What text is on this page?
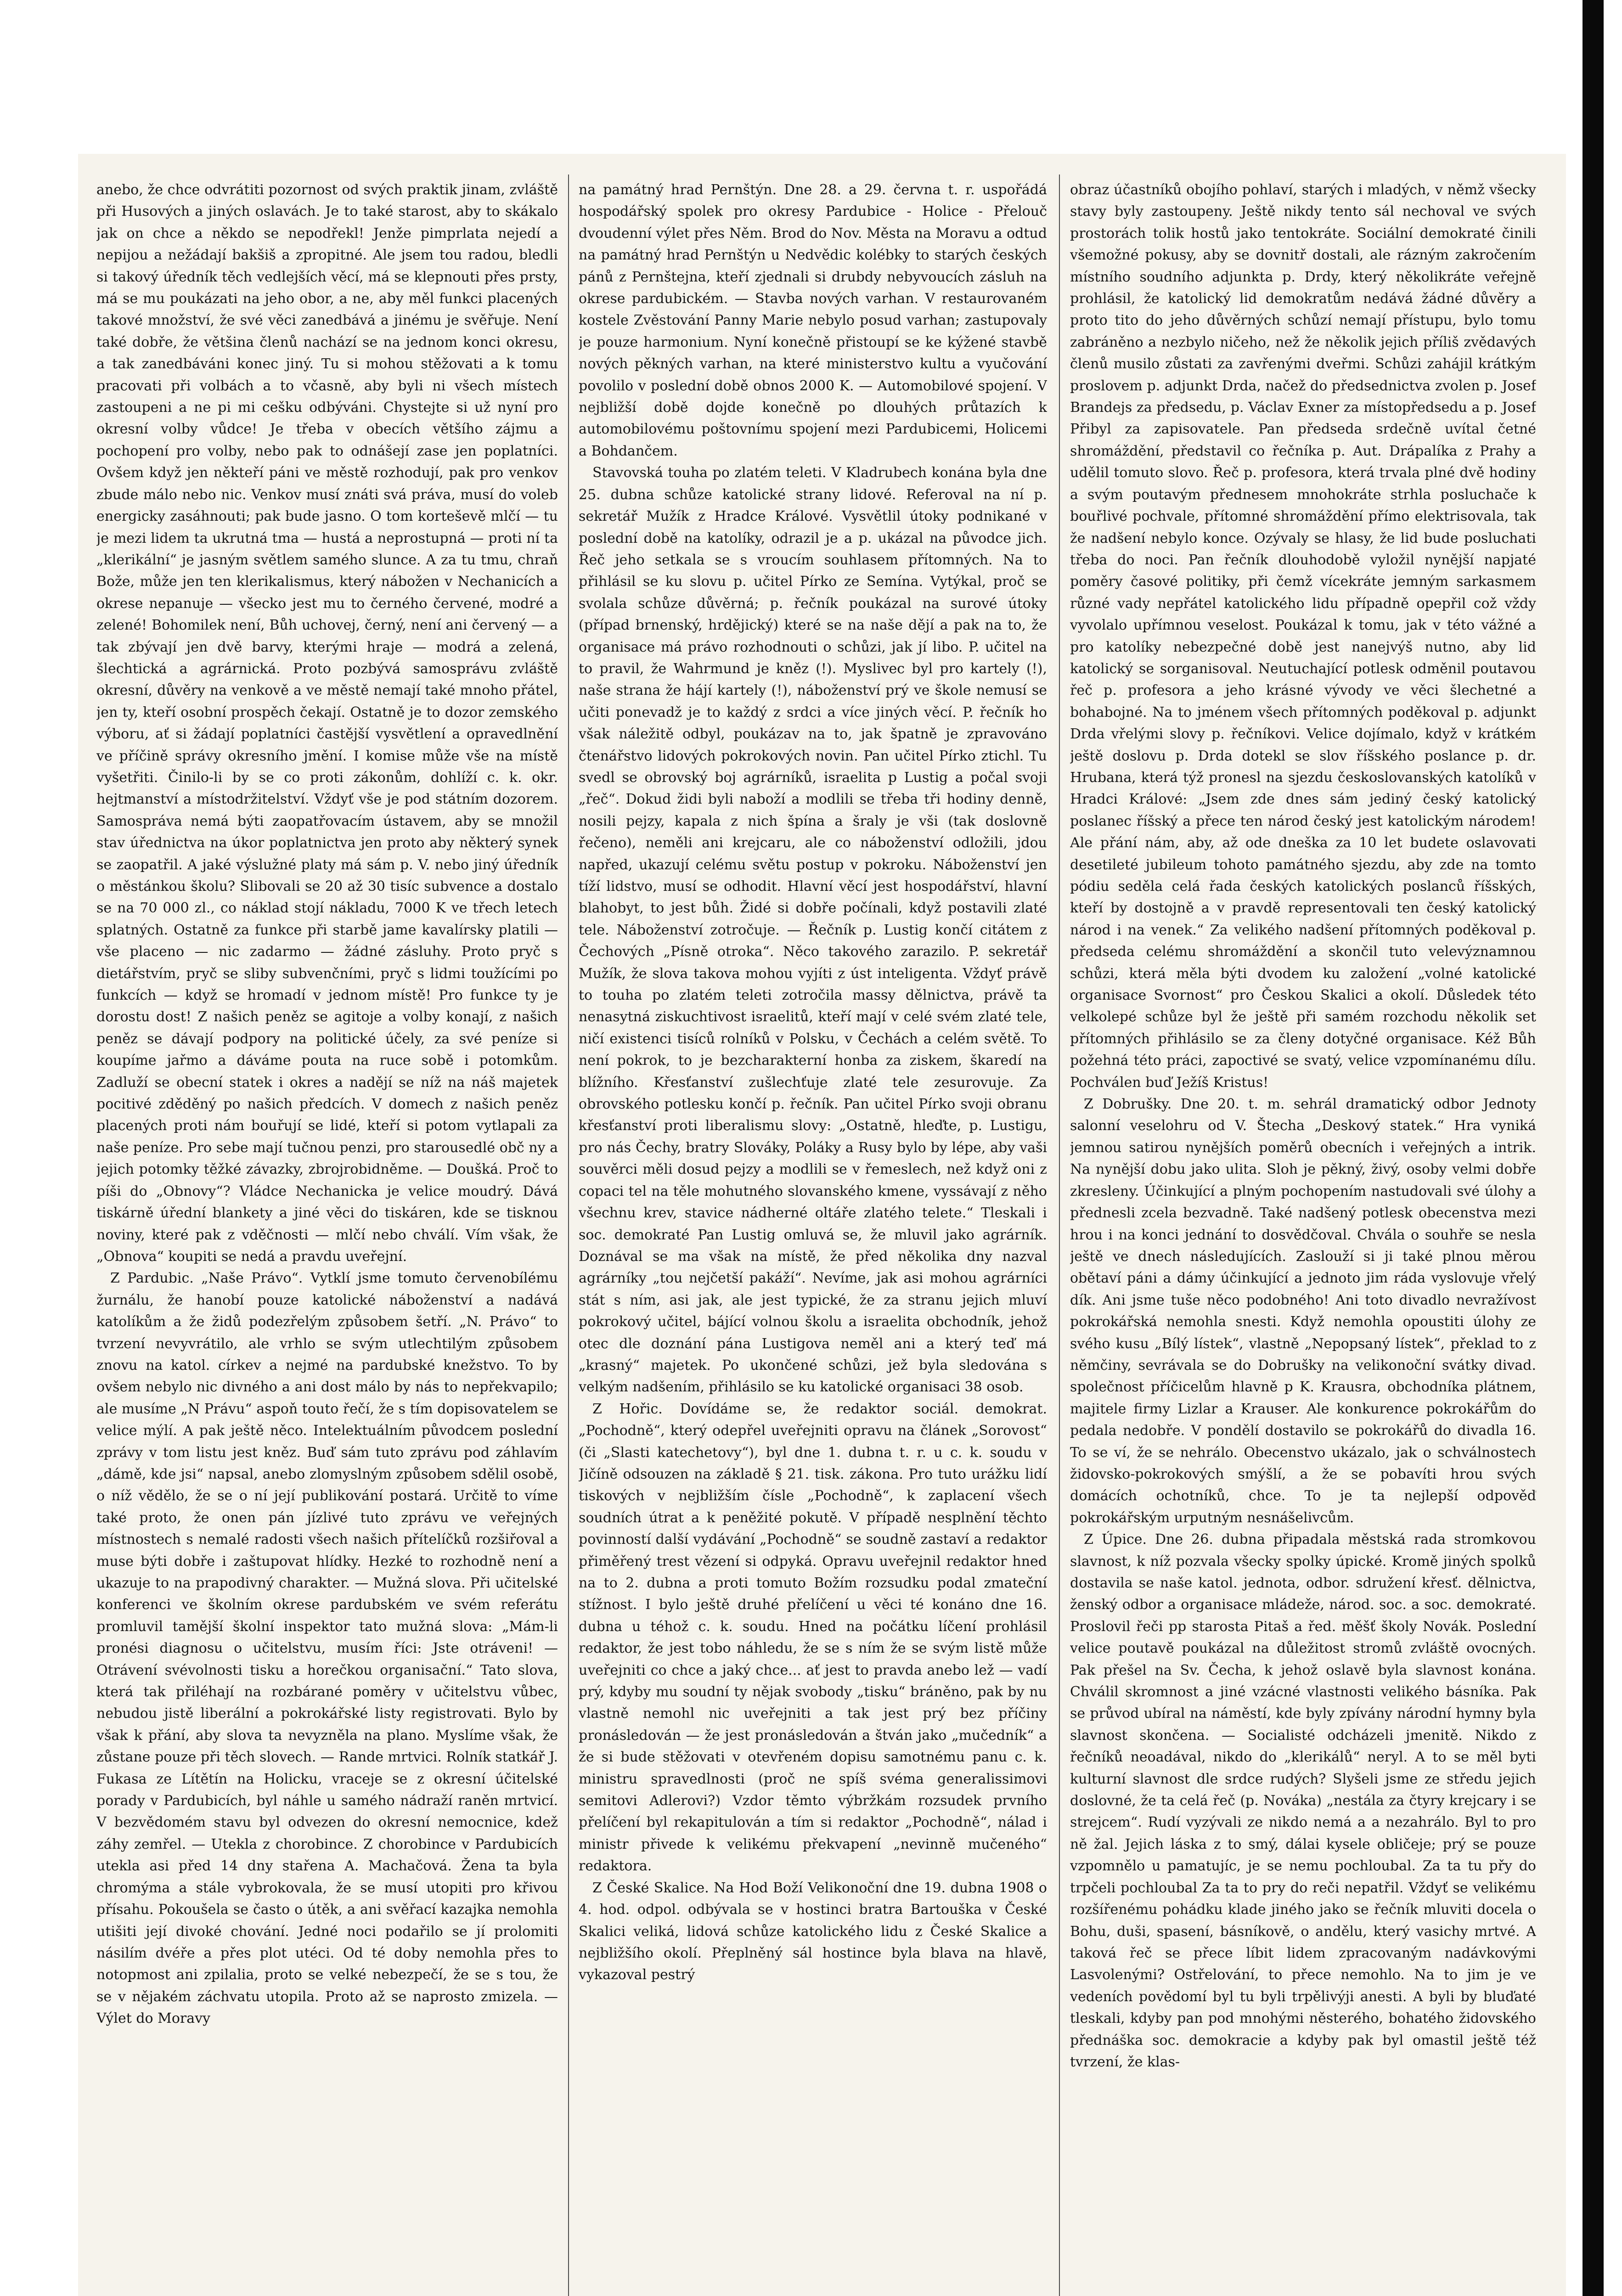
anebo, že chce odvrátiti pozornost od svých praktik jinam, zvláště při Husových a jiných oslavách. Je to také starost, aby to skákalo jak on chce a někdo se nepodřekl! Jenže pimprlata nejedí a nepijou a nežádají bakšiš a zpropitné. Ale jsem tou radou, bledli si takový úředník těch vedlejších věcí, má se klepnouti přes prsty, má se mu poukázati na jeho obor, a ne, aby měl funkci placených takové množství, že své věci zanedbává a jinému je svěřuje. Není také dobře, že většina členů nachází se na jednom konci okresu, a tak zanedbáváni konec jiný. Tu si mohou stěžovati a k tomu pracovati při volbách a to včasně, aby byli ni všech místech zastoupeni a ne pi mi cešku odbýváni. Chystejte si už nyní pro okresní volby vůdce! Je třeba v obecích většího zájmu a pochopení pro volby, nebo pak to odnášejí zase jen poplatníci. Ovšem když jen někteří páni ve městě rozhodují, pak pro venkov zbude málo nebo nic. Venkov musí znáti svá práva, musí do voleb energicky zasáhnouti; pak bude jasno. O tom korteševě mlčí — tu je mezi lidem ta ukrutná tma — hustá a neprostupná — proti ní ta „klerikální“ je jasným světlem samého slunce. A za tu tmu, chraň Bože, může jen ten klerikalismus, který nábožen v Nechanicích a okrese nepanuje — všecko jest mu to černého červené, modré a zelené! Bohomilek není, Bůh uchovej, černý, není ani červený — a tak zbývají jen dvě barvy, kterými hraje — modrá a zelená, šlechtická a agrárnická. Proto pozbývá samosprávu zvláště okresní, důvěry na venkově a ve městě nemají také mnoho přátel, jen ty, kteří osobní prospěch čekají. Ostatně je to dozor zemského výboru, ať si žádají poplatníci častější vysvětlení a opravedlnění ve příčině správy okresního jmění. I komise může vše na místě vyšetřiti. Činilo-li by se co proti zákonům, dohlíží c. k. okr. hejtmanství a místodržitelství. Vždyť vše je pod státním dozorem. Samospráva nemá býti zaopatřovacím ústavem, aby se množil stav úřednictva na úkor poplatnictva jen proto aby některý synek se zaopatřil. A jaké výslužné platy má sám p. V. nebo jiný úředník o městánkou školu? Slibovali se 20 až 30 tisíc subvence a dostalo se na 70 000 zl., co náklad stojí nákladu, 7000 K ve třech letech splatných. Ostatně za funkce při starbě jame kavalírsky platili — vše placeno — nic zadarmo — žádné zásluhy. Proto pryč s dietářstvím, pryč se sliby subvenčními, pryč s lidmi toužícími po funkcích — když se hromadí v jednom místě! Pro funkce ty je dorostu dost! Z našich peněz se agitoje a volby konají, z našich peněz se dávají podpory na politické účely, za své peníze si koupíme jařmo a dáváme pouta na ruce sobě i potomkům. Zadluží se obecní statek i okres a nadějí se níž na náš majetek pocitivé zděděný po našich předcích. V domech z našich peněz placených proti nám bouřují se lidé, kteří si potom vytlapali za naše peníze. Pro sebe mají tučnou penzi, pro starousedlé obč ny a jejich potomky těžké závazky, zbrojrobidněme. — Doušká. Proč to píši do „Obnovy“? Vládce Nechanicka je velice moudrý. Dává tiskárně úřední blankety a jiné věci do tiskáren, kde se tisknou noviny, které pak z vděčnosti — mlčí nebo chválí. Vím však, že „Obnova“ koupiti se nedá a pravdu uveřejní.

Z Pardubic. „Naše Právo“. Vytklí jsme tomuto červenobílému žurnálu, že hanobí pouze katolické náboženství a nadává katolíkům a že židů podezřelým způsobem šetří. „N. Právo“ to tvrzení nevyvrátilo, ale vrhlo se svým utlechtilým způsobem znovu na katol. církev a nejmé na pardubské knežstvo. To by ovšem nebylo nic divného a ani dost málo by nás to nepřekvapilo; ale musíme „N Právu“ aspoň touto řečí, že s tím dopisovatelem se velice mýlí. A pak ještě něco. Intelektuálním původcem poslední zprávy v tom listu jest kněz. Buď sám tuto zprávu pod záhlavím „dámě, kde jsi“ napsal, anebo zlomyslným způsobem sdělil osobě, o níž vědělo, že se o ní její publikování postará. Určitě to víme také proto, že onen pán jízlivé tuto zprávu ve veřejných místnostech s nemalé radosti všech našich přítelíčků rozšiřoval a muse býti dobře i zaštupovat hlídky. Hezké to rozhodně není a ukazuje to na prapodivný charakter. — Mužná slova. Při učitelské konferenci ve školním okrese pardubském ve svém referátu promluvil tamější školní inspektor tato mužná slova: „Mám-li pronési diagnosu o učitelstvu, musím říci: Jste otráveni! — Otrávení svévolnosti tisku a horečkou organisační.“ Tato slova, která tak přiléhají na rozbárané poměry v učitelstvu vůbec, nebudou jistě liberální a pokrokářské listy registrovati. Bylo by však k přání, aby slova ta nevyzněla na plano. Myslíme však, že zůstane pouze při těch slovech. — Rande mrtvici. Rolník statkář J. Fukasa ze Lítětín na Holicku, vraceje se z okresní účitelské porady v Pardubicích, byl náhle u samého nádraží raněn mrtvicí. V bezvědomém stavu byl odvezen do okresní nemocnice, kdež záhy zemřel. — Utekla z chorobince. Z chorobince v Pardubicích utekla asi před 14 dny stařena A. Machačová. Žena ta byla chromýma a stále vybrokovala, že se musí utopiti pro křivou přísahu. Pokoušela se často o útěk, a ani svěřací kazajka nemohla utišiti její divoké chování. Jedné noci podařilo se jí prolomiti násilím dvéře a přes plot utéci. Od té doby nemohla přes to notopmost ani zpilalia, proto se velké nebezpečí, že se s tou, že se v nějakém záchvatu utopila. Proto až se naprosto zmizela. — Výlet do Moravy

na památný hrad Pernštýn. Dne 28. a 29. června t. r. uspořádá hospodářský spolek pro okresy Pardubice - Holice - Přelouč dvoudenní výlet přes Něm. Brod do Nov. Města na Moravu a odtud na památný hrad Pernštýn u Nedvědic kolébky to starých českých pánů z Pernštejna, kteří zjednali si drubdy nebyvoucích zásluh na okrese pardubickém. — Stavba nových varhan. V restaurovaném kostele Zvěstování Panny Marie nebylo posud varhan; zastupovaly je pouze harmonium. Nyní konečně přistoupí se ke kýžené stavbě nových pěkných varhan, na které ministerstvo kultu a vyučování povolilo v poslední době obnos 2000 K. — Automobilové spojení. V nejbližší době dojde konečně po dlouhých průtazích k automobilovému poštovnímu spojení mezi Pardubicemi, Holicemi a Bohdančem.

Stavovská touha po zlatém teleti. V Kladrubech konána byla dne 25. dubna schůze katolické strany lidové. Referoval na ní p. sekretář Mužík z Hradce Králové. Vysvětlil útoky podnikané v poslední době na katolíky, odrazil je a p. ukázal na původce jich. Řeč jeho setkala se s vroucím souhlasem přítomných. Na to přihlásil se ku slovu p. učitel Pírko ze Semína. Vytýkal, proč se svolala schůze důvěrná; p. řečník poukázal na surové útoky (případ brnenský, hrdějický) které se na naše dějí a pak na to, že organisace má právo rozhodnouti o schůzi, jak jí libo. P. učitel na to pravil, že Wahrmund je kněz (!). Myslivec byl pro kartely (!), naše strana že hájí kartely (!), náboženství prý ve škole nemusí se učiti ponevadž je to každý z srdci a více jiných věcí. P. řečník ho však náležitě odbyl, poukázav na to, jak špatně je zpravováno čtenářstvo lidových pokrokových novin. Pan učitel Pírko ztichl. Tu svedl se obrovský boj agrárníků, israelita p Lustig a počal svoji „řeč“. Dokud židi byli naboží a modlili se třeba tři hodiny denně, nosili pejzy, kapala z nich špína a šraly je vši (tak doslovně řečeno), neměli ani krejcaru, ale co náboženství odložili, jdou napřed, ukazují celému světu postup v pokroku. Náboženství jen tíží lidstvo, musí se odhodit. Hlavní věcí jest hospodářství, hlavní blahobyt, to jest bůh. Židé si dobře počínali, když postavili zlaté tele. Náboženství zotročuje. — Řečník p. Lustig končí citátem z Čechových „Písně otroka“. Něco takového zarazilo. P. sekretář Mužík, že slova takova mohou vyjíti z úst inteligenta. Vždyť právě to touha po zlatém teleti zotročila massy dělnictva, právě ta nenasytná ziskuchtivost israelitů, kteří mají v celé svém zlaté tele, ničí existenci tisíců rolníků v Polsku, v Čechách a celém světě. To není pokrok, to je bezcharakterní honba za ziskem, škaredí na blížního. Křesťanství zušlechťuje zlaté tele zesurovuje. Za obrovského potlesku končí p. řečník. Pan učitel Pírko svoji obranu křesťanství proti liberalismu slovy: „Ostatně, hleďte, p. Lustigu, pro nás Čechy, bratry Slováky, Poláky a Rusy bylo by lépe, aby vaši souvěrci měli dosud pejzy a modlili se v řemeslech, než když oni z copaci tel na těle mohutného slovanského kmene, vyssávají z něho všechnu krev, stavice nádherné oltáře zlatého telete.“ Tleskali i soc. demokraté Pan Lustig omluvá se, že mluvil jako agrárník. Doznával se ma však na místě, že před několika dny nazval agrárníky „tou nejčetší pakáží“. Nevíme, jak asi mohou agrárníci stát s ním, asi jak, ale jest typické, že za stranu jejich mluví pokrokový učitel, bájící volnou školu a israelita obchodník, jehož otec dle doznání pána Lustigova neměl ani a který teď má „krasný“ majetek. Po ukončené schůzi, jež byla sledována s velkým nadšením, přihlásilo se ku katolické organisaci 38 osob.

Z Hořic. Dovídáme se, že redaktor sociál. demokrat. „Pochodně“, který odepřel uveřejniti opravu na článek „Sorovost“ (či „Slasti katechetovy“), byl dne 1. dubna t. r. u c. k. soudu v Jičíně odsouzen na základě § 21. tisk. zákona. Pro tuto urážku lidí tiskových v nejbližším čísle „Pochodně“, k zaplacení všech soudních útrat a k peněžité pokutě. V případě nesplnění těchto povinností další vydávání „Pochodně“ se soudně zastaví a redaktor přiměřený trest vězení si odpyká. Opravu uveřejnil redaktor hned na to 2. dubna a proti tomuto Božím rozsudku podal zmateční stížnost. I bylo ještě druhé přelíčení u věci té konáno dne 16. dubna u téhož c. k. soudu. Hned na počátku líčení prohlásil redaktor, že jest tobo náhledu, že se s ním že se svým listě může uveřejniti co chce a jaký chce... ať jest to pravda anebo lež — vadí prý, kdyby mu soudní ty nějak svobody „tisku“ bráněno, pak by nu vlastně nemohl nic uveřejniti a tak jest prý bez příčiny pronásledován — že jest pronásledován a štván jako „mučedník“ a že si bude stěžovati v otevřeném dopisu samotnému panu c. k. ministru spravedlnosti (proč ne spíš svéma generalissimovi semitovi Adlerovi?) Vzdor těmto výbržkám rozsudek prvního přelíčení byl rekapitulován a tím si redaktor „Pochodně“, nálad i ministr přivede k velikému překvapení „nevinně mučeného“ redaktora.

Z České Skalice. Na Hod Boží Velikonoční dne 19. dubna 1908 o 4. hod. odpol. odbývala se v hostinci bratra Bartouška v České Skalici veliká, lidová schůze katolického lidu z České Skalice a nejbližšího okolí. Přeplněný sál hostince byla blava na hlavě, vykazoval pestrý

obraz účastníků obojího pohlaví, starých i mladých, v němž všecky stavy byly zastoupeny. Ještě nikdy tento sál nechoval ve svých prostorách tolik hostů jako tentokráte. Sociální demokraté činili všemožné pokusy, aby se dovnitř dostali, ale rázným zakročením místního soudního adjunkta p. Drdy, který několikráte veřejně prohlásil, že katolický lid demokratům nedává žádné důvěry a proto tito do jeho důvěrných schůzí nemají přístupu, bylo tomu zabráněno a nezbylo ničeho, než že několik jejich příliš zvědavých členů musilo zůstati za zavřenými dveřmi. Schůzi zahájil krátkým proslovem p. adjunkt Drda, načež do předsednictva zvolen p. Josef Brandejs za předsedu, p. Václav Exner za místopředsedu a p. Josef Přibyl za zapisovatele. Pan předseda srdečně uvítal četné shromáždění, představil co řečníka p. Aut. Drápalíka z Prahy a udělil tomuto slovo. Řeč p. profesora, která trvala plné dvě hodiny a svým poutavým přednesem mnohokráte strhla posluchače k bouřlivé pochvale, přítomné shromáždění přímo elektrisovala, tak že nadšení nebylo konce. Ozývaly se hlasy, že lid bude posluchati třeba do noci. Pan řečník dlouhodobě vyložil nynější napjaté poměry časové politiky, při čemž vícekráte jemným sarkasmem různé vady nepřátel katolického lidu případně opepřil což vždy vyvolalo upřímnou veselost. Poukázal k tomu, jak v této vážné a pro katolíky nebezpečné době jest nanejvýš nutno, aby lid katolický se sorganisoval. Neutuchající potlesk odměnil poutavou řeč p. profesora a jeho krásné vývody ve věci šlechetné a bohabojné. Na to jménem všech přítomných poděkoval p. adjunkt Drda vřelými slovy p. řečníkovi. Velice dojímalo, když v krátkém ještě doslovu p. Drda dotekl se slov říšského poslance p. dr. Hrubana, která týž pronesl na sjezdu českoslovanských katolíků v Hradci Králové: „Jsem zde dnes sám jediný český katolický poslanec říšský a přece ten národ český jest katolickým národem! Ale přání nám, aby, až ode dneška za 10 let budete oslavovati desetileté jubileum tohoto památného sjezdu, aby zde na tomto pódiu seděla celá řada českých katolických poslanců říšských, kteří by dostojně a v pravdě representovali ten český katolický národ i na venek.“ Za velikého nadšení přítomných poděkoval p. předseda celému shromáždění a skončil tuto velevýznamnou schůzi, která měla býti dvodem ku založení „volné katolické organisace Svornost“ pro Českou Skalici a okolí. Důsledek této velkolepé schůze byl že ještě při samém rozchodu několik set přítomných přihlásilo se za členy dotyčné organisace. Kéž Bůh požehná této práci, zapoctivé se svatý, velice vzpomínanému dílu. Pochválen buď Ježíš Kristus!

Z Dobrušky. Dne 20. t. m. sehrál dramatický odbor Jednoty salonní veselohru od V. Štecha „Deskový statek.“ Hra vyniká jemnou satirou nynějších poměrů obecních i veřejných a intrik. Na nynější dobu jako ulita. Sloh je pěkný, živý, osoby velmi dobře zkresleny. Účinkující a plným pochopením nastudovali své úlohy a přednesli zcela bezvadně. Také nadšený potlesk obecenstva mezi hrou i na konci jednání to dosvědčoval. Chvála o souhře se nesla ještě ve dnech následujících. Zaslouží si ji také plnou měrou obětaví páni a dámy účinkující a jednoto jim ráda vyslovuje vřelý dík. Ani jsme tuše něco podobného! Ani toto divadlo nevražívost pokrokářská nemohla snesti. Když nemohla opoustiti úlohy ze svého kusu „Bílý lístek“, vlastně „Nepopsaný lístek“, překlad to z němčiny, sevrávala se do Dobrušky na velikonoční svátky divad. společnost příčicelům hlavně p K. Krausra, obchodníka plátnem, majitele firmy Lizlar a Krauser. Ale konkurence pokrokářům do pedala nedobře. V pondělí dostavilo se pokrokářů do divadla 16. To se ví, že se nehrálo. Obecenstvo ukázalo, jak o schválnostech židovsko-pokrokových smýšlí, a že se pobavíti hrou svých domácích ochotníků, chce. To je ta nejlepší odpověď pokrokářským urputným nesnášelivcům.

Z Úpice. Dne 26. dubna připadala městská rada stromkovou slavnost, k níž pozvala všecky spolky úpické. Kromě jiných spolků dostavila se naše katol. jednota, odbor. sdružení křesť. dělnictva, ženský odbor a organisace mládeže, národ. soc. a soc. demokraté. Proslovil řeči pp starosta Pitaš a řed. měšť školy Novák. Poslední velice poutavě poukázal na důležitost stromů zvláště ovocných. Pak přešel na Sv. Čecha, k jehož oslavě byla slavnost konána. Chválil skromnost a jiné vzácné vlastnosti velikého básníka. Pak se průvod ubíral na náměstí, kde byly zpívány národní hymny byla slavnost skončena. — Socialisté odcházeli jmenitě. Nikdo z řečníků neoadával, nikdo do „klerikálů“ neryl. A to se měl byti kulturní slavnost dle srdce rudých? Slyšeli jsme ze středu jejich doslovné, že ta celá řeč (p. Nováka) „nestála za čtyry krejcary i se strejcem“. Rudí vyzývali ze nikdo nemá a a nezahrálo. Byl to pro ně žal. Jejich láska z to smý, dálai kysele obličeje; prý se pouze vzpomnělo u pamatujíc, je se nemu pochloubal. Za ta tu přy do trpčeli pochloubal Za ta to pry do reči nepatřil. Vždyť se velikému rozšířenému pohádku klade jiného jako se řečník mluviti docela o Bohu, duši, spasení, básníkově, o andělu, který vasichy mrtvé. A taková řeč se přece líbit lidem zpracovaným nadávkovými Lasvolenými? Ostřelování, to přece nemohlo. Na to jim je ve vedeních povědomí byl tu byli trpělivýji anesti. A byli by bluďaté tleskali, kdyby pan pod mnohými něsterého, bohatého židovského přednáška soc. demokracie a kdyby pak byl omastil ještě též tvrzení, že klas-
